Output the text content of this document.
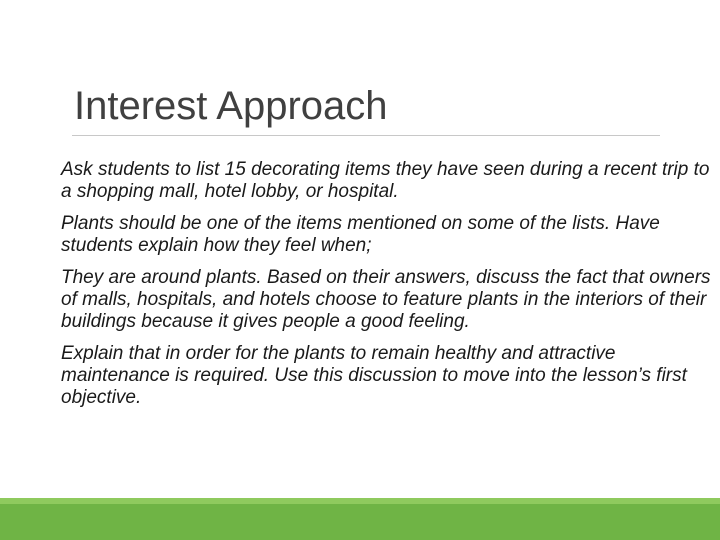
Interest Approach

Ask students to list 15 decorating items they have seen during a recent trip to a shopping mall, hotel lobby, or hospital.

Plants should be one of the items mentioned on some of the lists. Have students explain how they feel when;

They are around plants. Based on their answers, discuss the fact that owners of malls, hospitals, and hotels choose to feature plants in the interiors of their buildings because it gives people a good feeling.

Explain that in order for the plants to remain healthy and attractive maintenance is required. Use this discussion to move into the lesson’s first objective.
